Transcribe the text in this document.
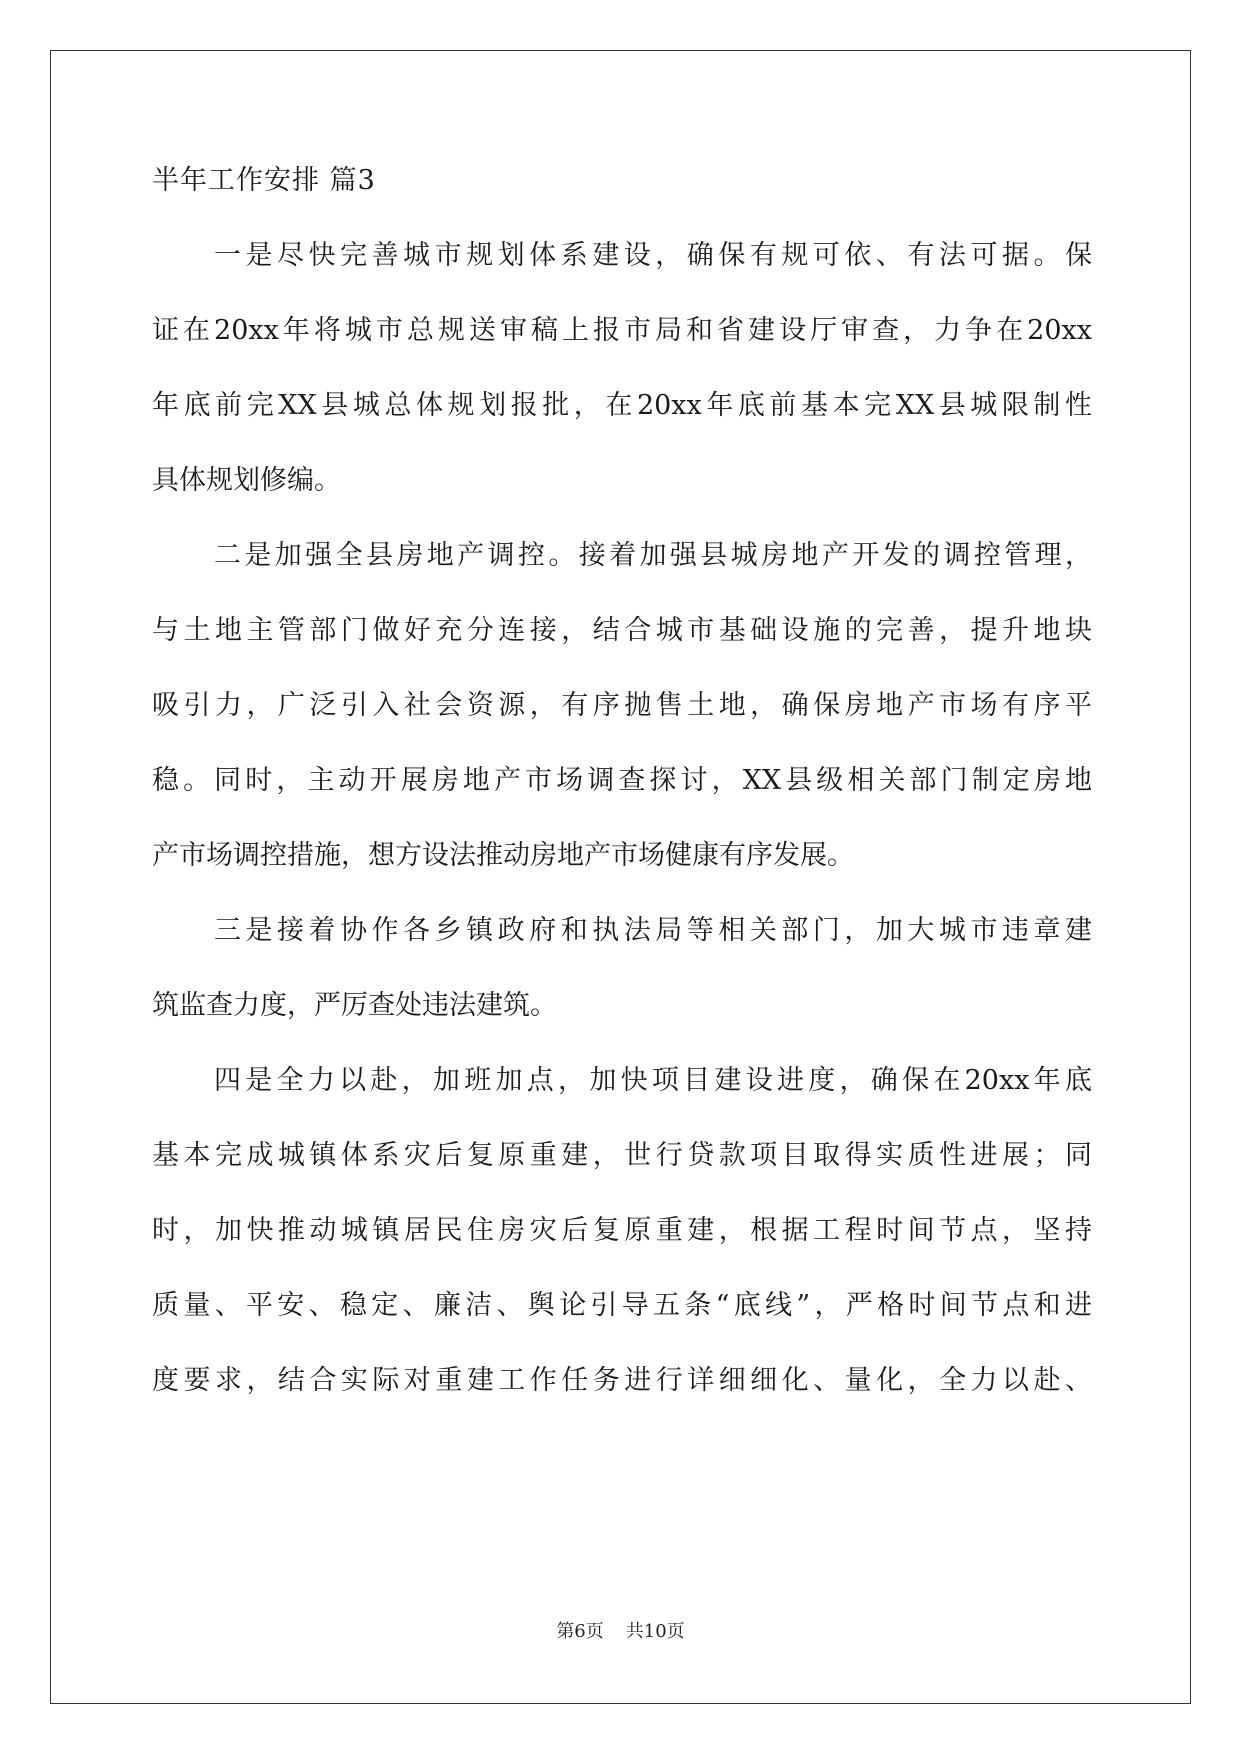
半年工作安排 篇3
一是尽快完善城市规划体系建设，确保有规可依、有法可据。保
证在20xx年将城市总规送审稿上报市局和省建设厅审查，力争在20xx
年底前完XX县城总体规划报批，在20xx年底前基本完XX县城限制性
具体规划修编。
二是加强全县房地产调控。接着加强县城房地产开发的调控管理，
与土地主管部门做好充分连接，结合城市基础设施的完善，提升地块
吸引力，广泛引入社会资源，有序抛售土地，确保房地产市场有序平
稳。同时，主动开展房地产市场调查探讨，XX县级相关部门制定房地
产市场调控措施，想方设法推动房地产市场健康有序发展。
三是接着协作各乡镇政府和执法局等相关部门，加大城市违章建
筑监查力度，严厉查处违法建筑。
四是全力以赴，加班加点，加快项目建设进度，确保在20xx年底
基本完成城镇体系灾后复原重建，世行贷款项目取得实质性进展；同
时，加快推动城镇居民住房灾后复原重建，根据工程时间节点，坚持
质量、平安、稳定、廉洁、舆论引导五条“底线”，严格时间节点和进
度要求，结合实际对重建工作任务进行详细细化、量化，全力以赴、
第6页 共10页
